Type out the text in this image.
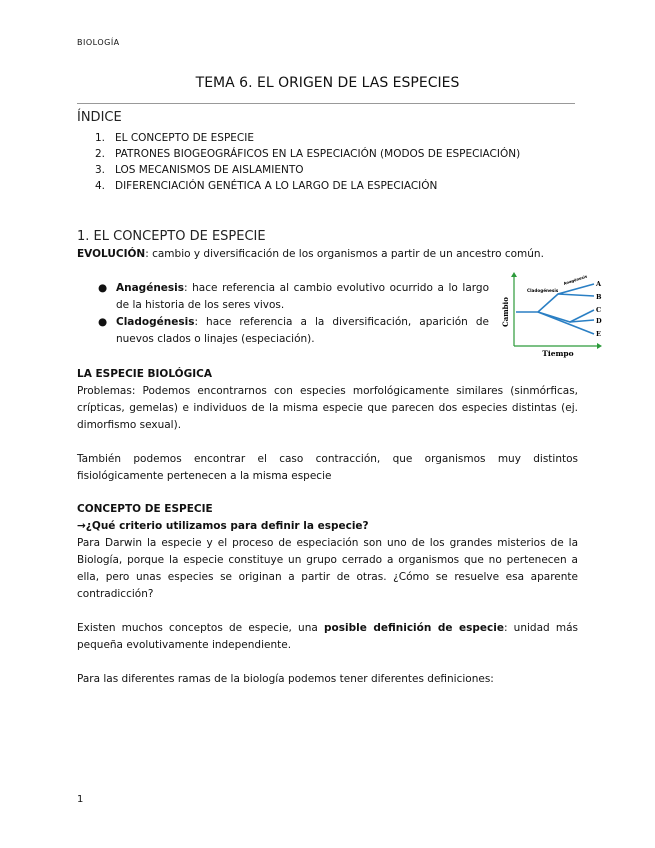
BIOLOGÍA
TEMA 6. EL ORIGEN DE LAS ESPECIES
ÍNDICE
1. EL CONCEPTO DE ESPECIE
2. PATRONES BIOGEOGRÁFICOS EN LA ESPECIACIÓN (MODOS DE ESPECIACIÓN)
3. LOS MECANISMOS DE AISLAMIENTO
4. DIFERENCIACIÓN GENÉTICA A LO LARGO DE LA ESPECIACIÓN
1. EL CONCEPTO DE ESPECIE

EVOLUCIÓN: cambio y diversificación de los organismos a partir de un ancestro común.

● Anagénesis: hace referencia al cambio evolutivo ocurrido a lo largo de la historia de los seres vivos.
● Cladogénesis: hace referencia a la diversificación, aparición de nuevos clados o linajes (especiación).
Cambio
Tiempo
Cladogénesis
Anagénesis A
B
C
D
E

LA ESPECIE BIOLÓGICA

Problemas: Podemos encontrarnos con especies morfológicamente similares (sinmórficas, crípticas, gemelas) e individuos de la misma especie que parecen dos especies distintas (ej. dimorfismo sexual).

También podemos encontrar el caso contracción, que organismos muy distintos fisiológicamente pertenecen a la misma especie

CONCEPTO DE ESPECIE

→¿Qué criterio utilizamos para definir la especie?

Para Darwin la especie y el proceso de especiación son uno de los grandes misterios de la Biología, porque la especie constituye un grupo cerrado a organismos que no pertenecen a ella, pero unas especies se originan a partir de otras. ¿Cómo se resuelve esa aparente contradicción?

Existen muchos conceptos de especie, una posible definición de especie: unidad más pequeña evolutivamente independiente.

Para las diferentes ramas de la biología podemos tener diferentes definiciones:

1
